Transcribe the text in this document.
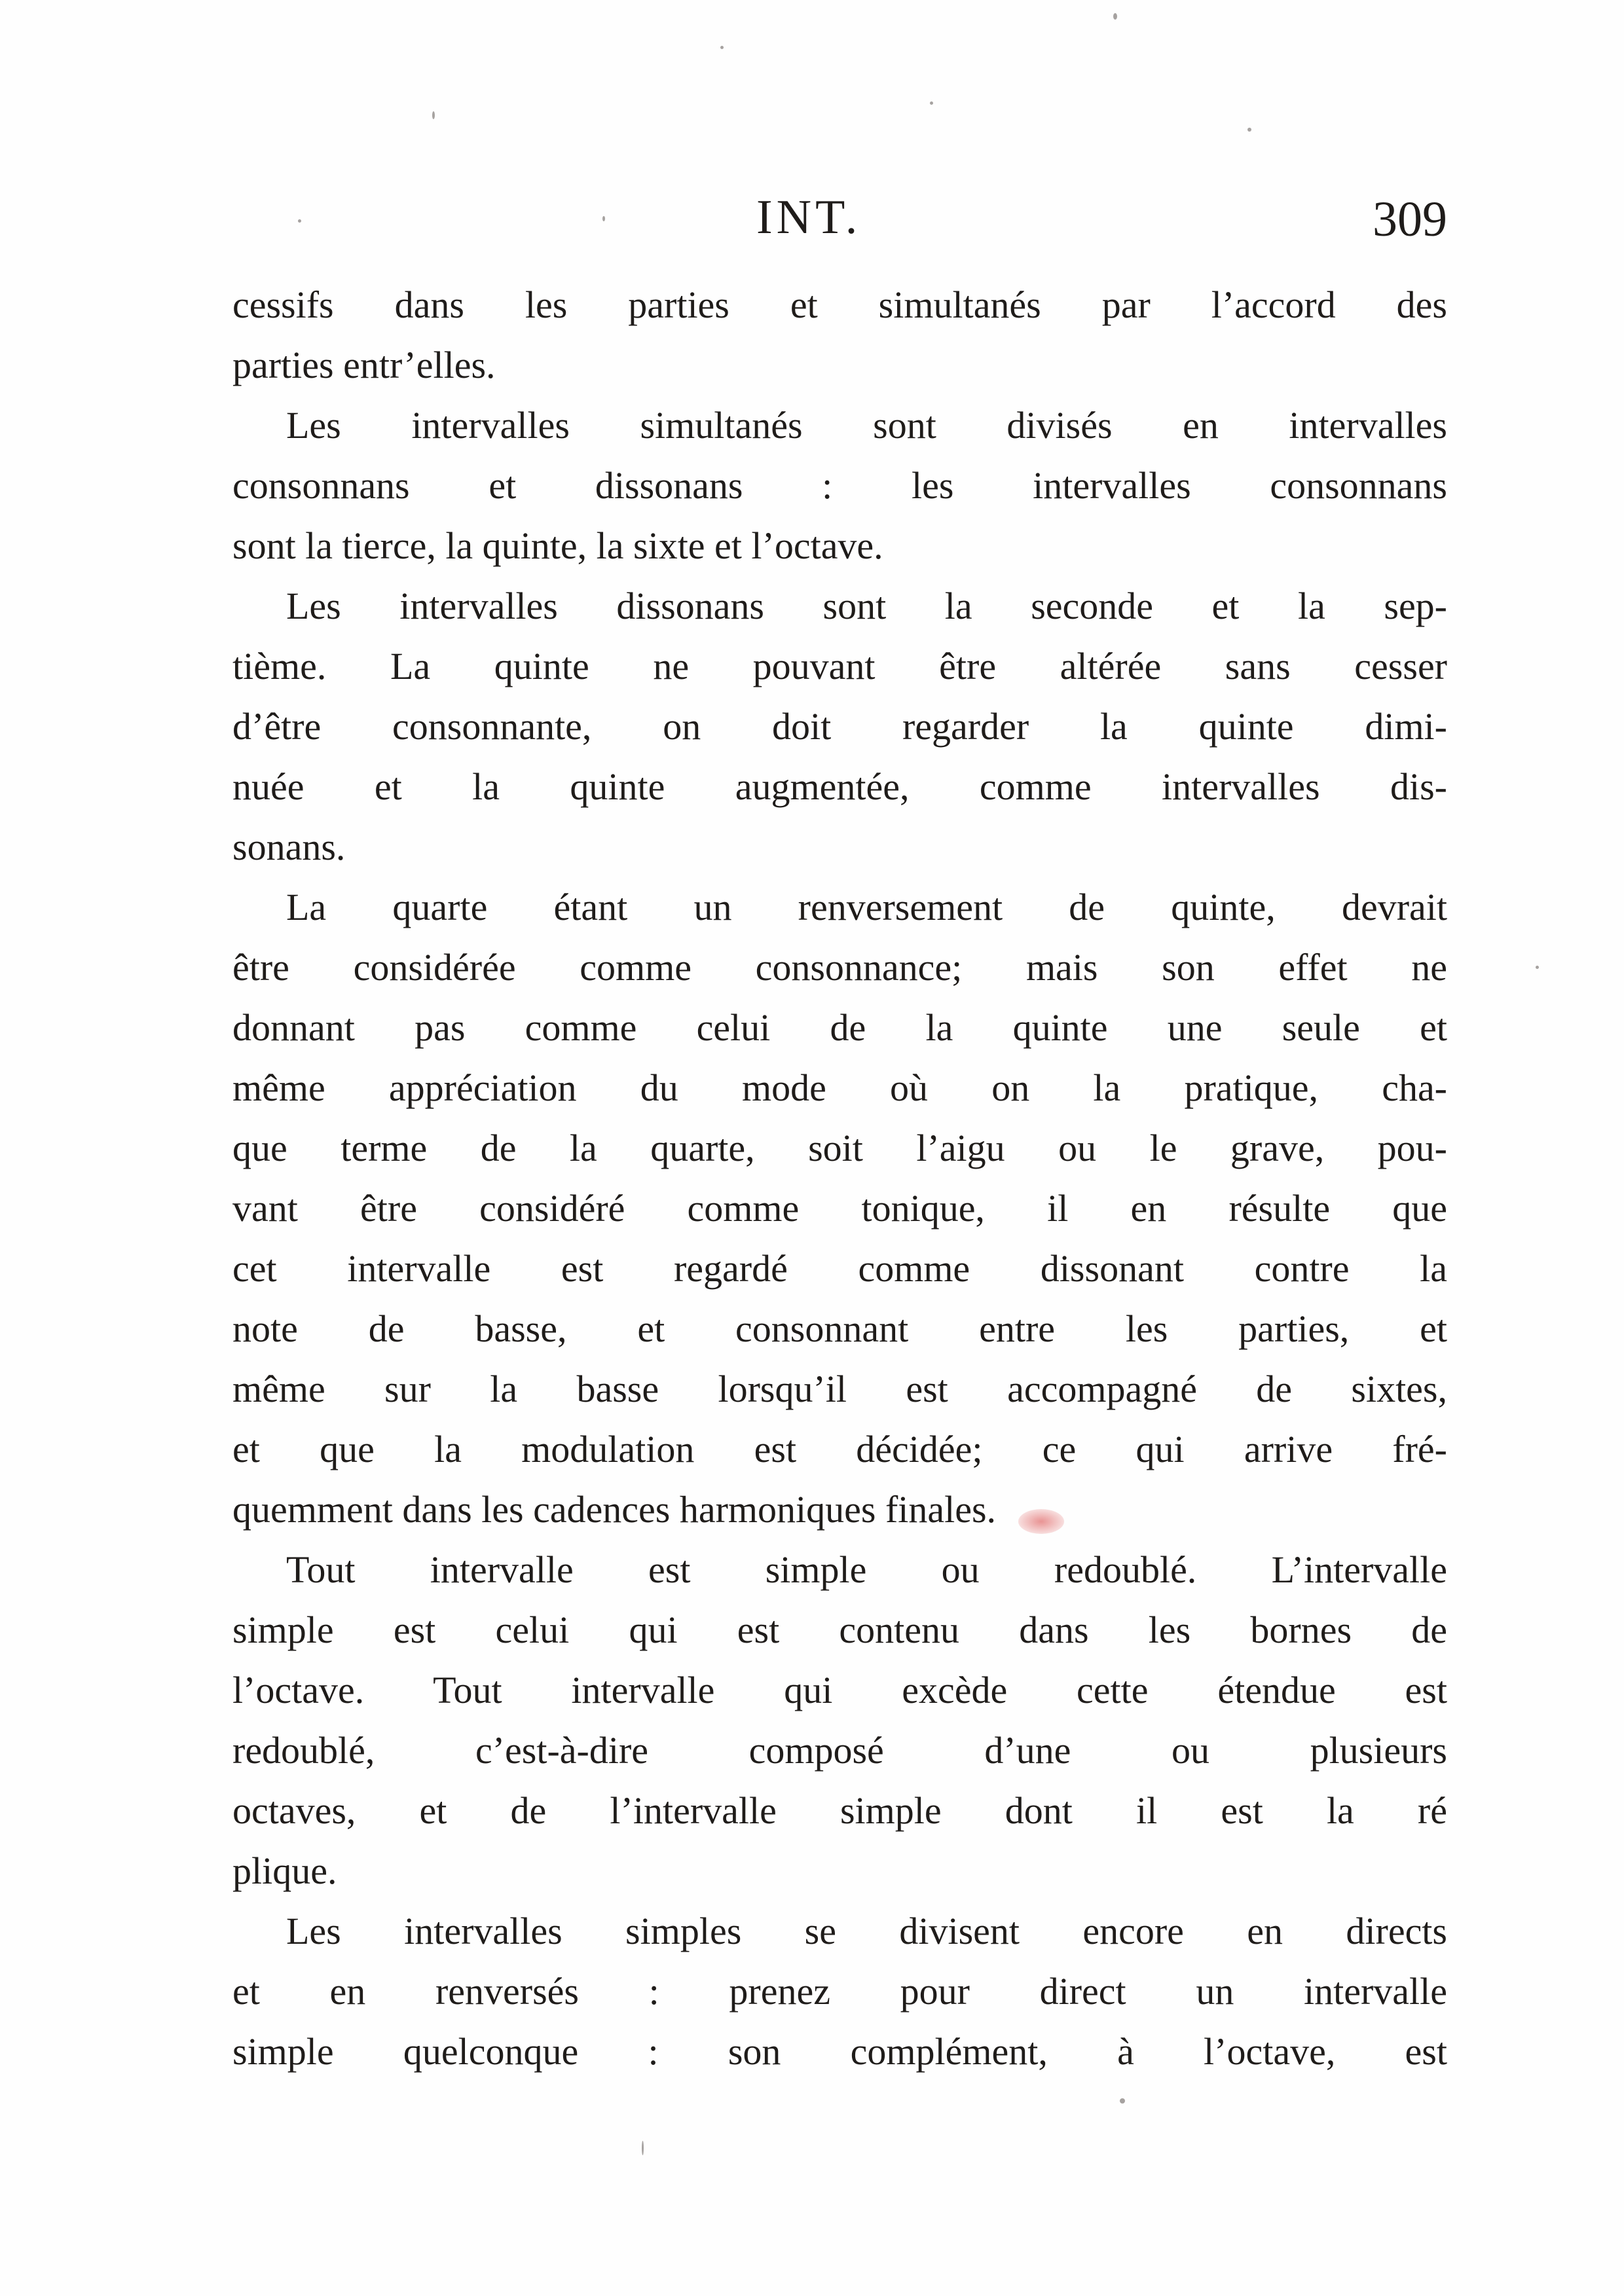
INT.	309
cessifs dans les parties et simultanés par l’accord des
parties entr’elles.
Les intervalles simultanés sont divisés en intervalles
consonnans et dissonans : les intervalles consonnans
sont la tierce, la quinte, la sixte et l’octave.
Les intervalles dissonans sont la seconde et la sep-
tième. La quinte ne pouvant être altérée sans cesser
d’être consonnante, on doit regarder la quinte dimi-
nuée et la quinte augmentée, comme intervalles dis-
sonans.
La quarte étant un renversement de quinte, devrait
être considérée comme consonnance; mais son effet ne
donnant pas comme celui de la quinte une seule et
même appréciation du mode où on la pratique, cha-
que terme de la quarte, soit l’aigu ou le grave, pou-
vant être considéré comme tonique, il en résulte que
cet intervalle est regardé comme dissonant contre la
note de basse, et consonnant entre les parties, et
même sur la basse lorsqu’il est accompagné de sixtes,
et que la modulation est décidée; ce qui arrive fré-
quemment dans les cadences harmoniques finales.
Tout intervalle est simple ou redoublé. L’intervalle
simple est celui qui est contenu dans les bornes de
l’octave. Tout intervalle qui excède cette étendue est
redoublé, c’est-à-dire composé d’une ou plusieurs
octaves, et de l’intervalle simple dont il est la ré
plique.
Les intervalles simples se divisent encore en directs
et en renversés : prenez pour direct un intervalle
simple quelconque : son complément, à l’octave, est
